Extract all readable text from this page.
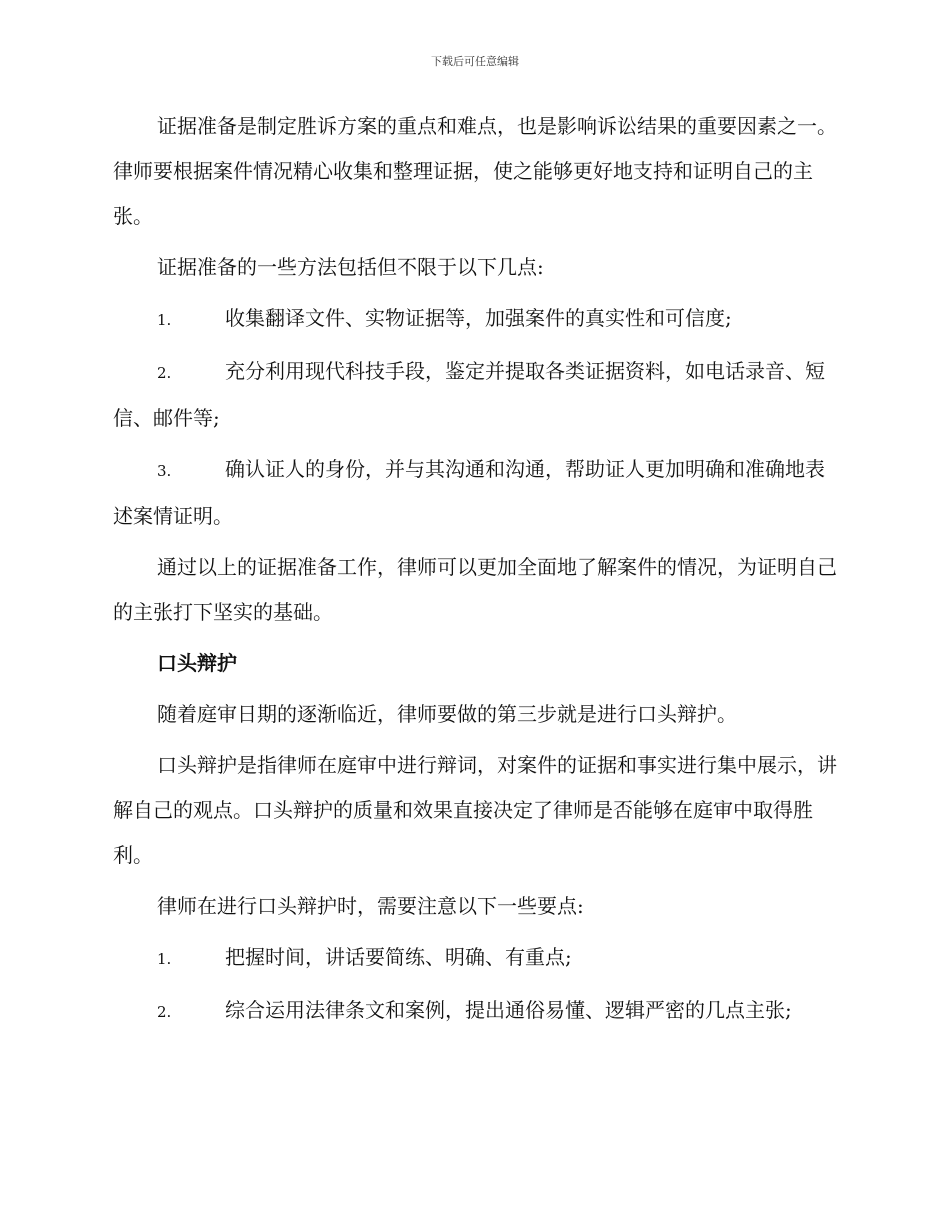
下载后可任意编辑

证据准备是制定胜诉方案的重点和难点，也是影响诉讼结果的重要因素之一。律师要根据案件情况精心收集和整理证据，使之能够更好地支持和证明自己的主张。

证据准备的一些方法包括但不限于以下几点:

1.	收集翻译文件、实物证据等，加强案件的真实性和可信度;
2.	充分利用现代科技手段，鉴定并提取各类证据资料，如电话录音、短信、邮件等;
3.	确认证人的身份，并与其沟通和沟通，帮助证人更加明确和准确地表述案情证明。

通过以上的证据准备工作，律师可以更加全面地了解案件的情况，为证明自己的主张打下坚实的基础。

口头辩护

随着庭审日期的逐渐临近，律师要做的第三步就是进行口头辩护。

口头辩护是指律师在庭审中进行辩词，对案件的证据和事实进行集中展示，讲解自己的观点。口头辩护的质量和效果直接决定了律师是否能够在庭审中取得胜利。

律师在进行口头辩护时，需要注意以下一些要点:

1.	把握时间，讲话要简练、明确、有重点;
2.	综合运用法律条文和案例，提出通俗易懂、逻辑严密的几点主张;
